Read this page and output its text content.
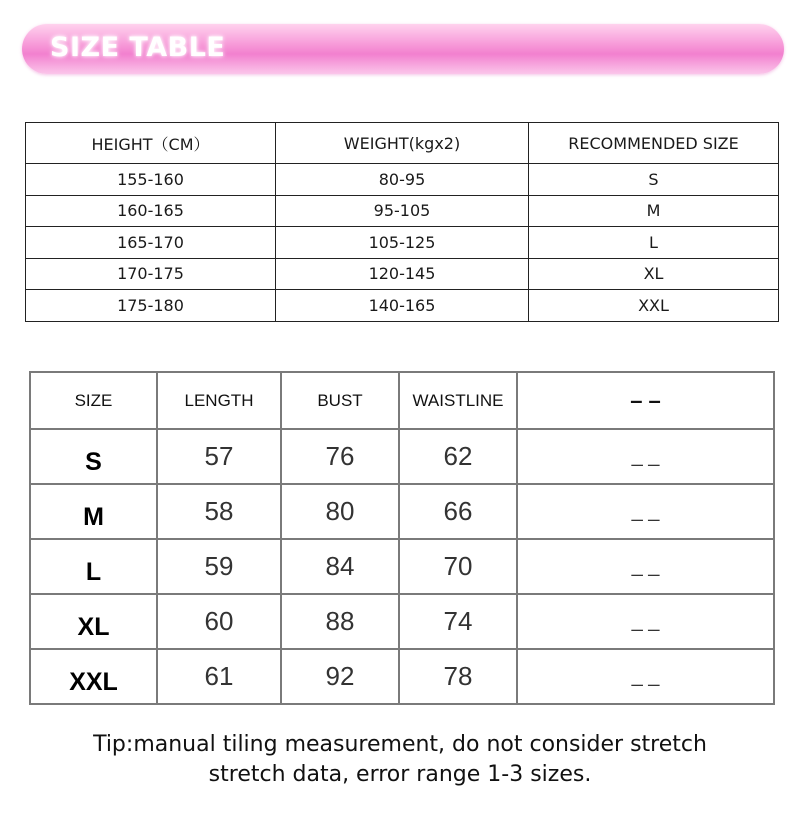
SIZE TABLE
HEIGHT（CM）	WEIGHT(kgx2)	RECOMMENDED SIZE
155-160	80-95	S
160-165	95-105	M
165-170	105-125	L
170-175	120-145	XL
175-180	140-165	XXL
SIZE	LENGTH	BUST	WAISTLINE	– –
S	57	76	62	_ _
M	58	80	66	_ _
L	59	84	70	_ _
XL	60	88	74	_ _
XXL	61	92	78	_ _
Tip:manual tiling measurement, do not consider stretch
stretch data, error range 1-3 sizes.
